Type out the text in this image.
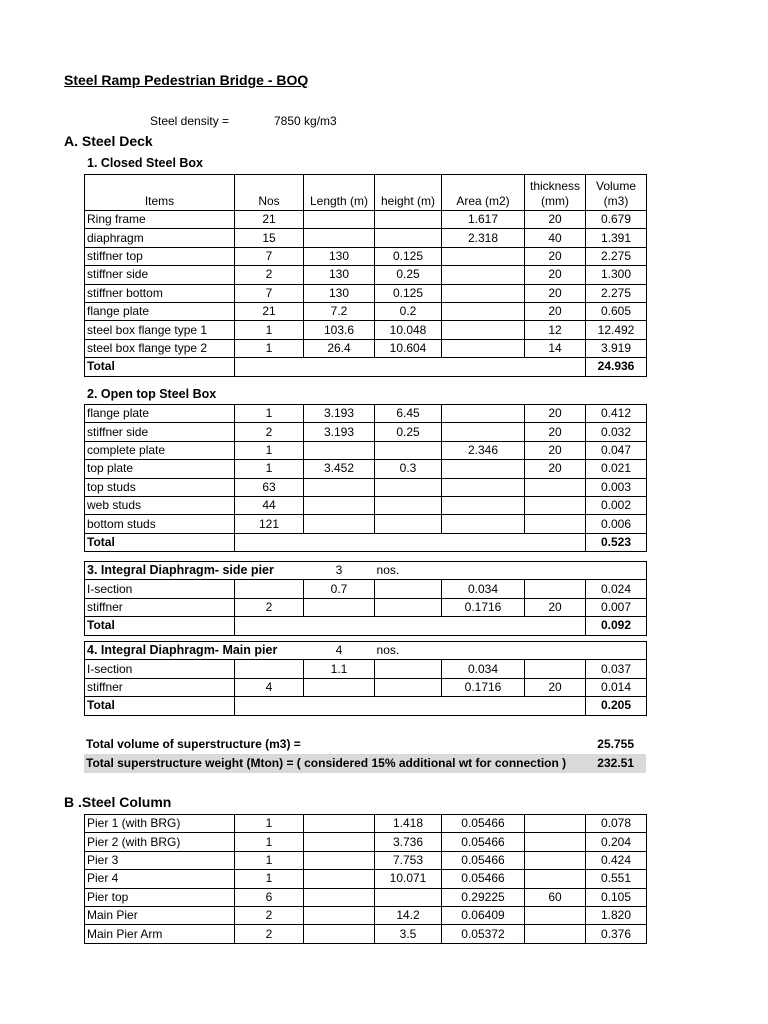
Steel Ramp Pedestrian Bridge - BOQ
Steel density =	7850 kg/m3
A. Steel Deck
1. Closed Steel Box
Items	Nos	Length (m)	height (m)	Area (m2)	thickness (mm)	Volume (m3)
Ring frame	21			1.617	20	0.679
diaphragm	15			2.318	40	1.391
stiffner top	7	130	0.125		20	2.275
stiffner side	2	130	0.25		20	1.300
stiffner bottom	7	130	0.125		20	2.275
flange plate	21	7.2	0.2		20	0.605
steel box flange type 1	1	103.6	10.048		12	12.492
steel box flange type 2	1	26.4	10.604		14	3.919
Total						24.936
2. Open top Steel Box
flange plate	1	3.193	6.45		20	0.412
stiffner side	2	3.193	0.25		20	0.032
complete plate	1			2.346	20	0.047
top plate	1	3.452	0.3		20	0.021
top studs	63					0.003
web studs	44					0.002
bottom studs	121					0.006
Total						0.523
3. Integral Diaphragm- side pier		3	nos.			
I-section		0.7		0.034		0.024
stiffner	2			0.1716	20	0.007
Total						0.092
4. Integral Diaphragm- Main pier		4	nos.			
I-section		1.1		0.034		0.037
stiffner	4			0.1716	20	0.014
Total						0.205
Total volume of superstructure (m3) =	25.755
Total superstructure weight (Mton) = ( considered 15% additional wt for connection )	232.51
B .Steel Column
Pier 1 (with BRG)	1		1.418	0.05466		0.078
Pier 2 (with BRG)	1		3.736	0.05466		0.204
Pier 3	1		7.753	0.05466		0.424
Pier 4	1		10.071	0.05466		0.551
Pier top	6			0.29225	60	0.105
Main Pier	2		14.2	0.06409		1.820
Main Pier Arm	2		3.5	0.05372		0.376
